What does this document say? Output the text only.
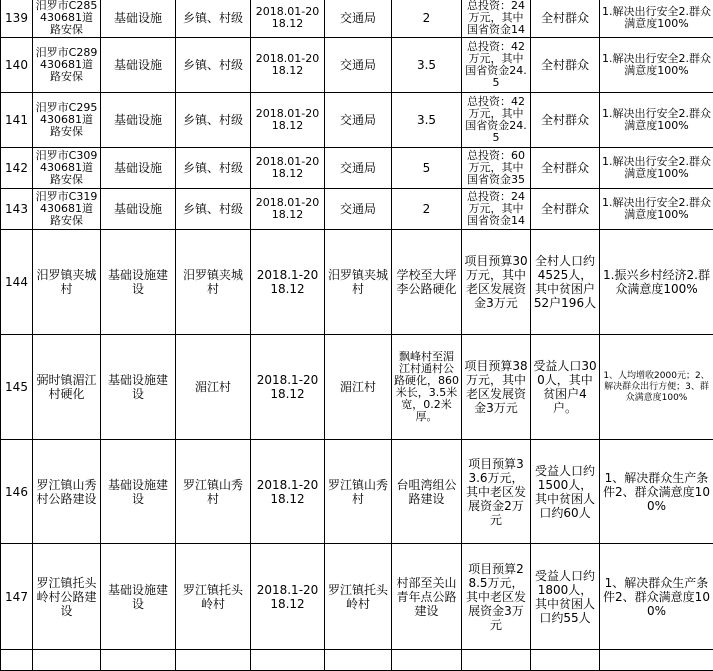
139	汨罗市C285430681道路安保	基础设施	乡镇、村级	2018.01-2018.12	交通局	2	总投资：24万元，其中国省资金14	全村群众	1.解决出行安全2.群众满意度100%
140	汨罗市C289430681道路安保	基础设施	乡镇、村级	2018.01-2018.12	交通局	3.5	总投资：42万元，其中国省资金24.5	全村群众	1.解决出行安全2.群众满意度100%
141	汨罗市C295430681道路安保	基础设施	乡镇、村级	2018.01-2018.12	交通局	3.5	总投资：42万元，其中国省资金24.5	全村群众	1.解决出行安全2.群众满意度100%
142	汨罗市C309430681道路安保	基础设施	乡镇、村级	2018.01-2018.12	交通局	5	总投资：60万元，其中国省资金35	全村群众	1.解决出行安全2.群众满意度100%
143	汨罗市C319430681道路安保	基础设施	乡镇、村级	2018.01-2018.12	交通局	2	总投资：24万元，其中国省资金14	全村群众	1.解决出行安全2.群众满意度100%
144	汨罗镇夹城村	基础设施建设	汨罗镇夹城村	2018.1-2018.12	汨罗镇夹城村	学校至大坪李公路硬化	项目预算30万元，其中老区发展资金3万元	全村人口约4525人，其中贫困户52户196人	1.振兴乡村经济2.群众满意度100%
145	弼时镇湄江村硬化	基础设施建设	湄江村	2018.1-2018.12	湄江村	飘峰村至湄江村通村公路硬化，860米长，3.5米宽，0.2米厚。	项目预算38万元，其中老区发展资金3万元	受益人口300人，其中贫困户4户。	1、人均增收2000元；2、解决群众出行方便；3、群众满意度100%
146	罗江镇山秀村公路建设	基础设施建设	罗江镇山秀村	2018.1-2018.12	罗江镇山秀村	台咀湾组公路建设	项目预算33.6万元，其中老区发展资金2万元	受益人口约1500人，其中贫困人口约60人	1、解决群众生产条件2、群众满意度100%
147	罗江镇托头岭村公路建设	基础设施建设	罗江镇托头岭村	2018.1-2018.12	罗江镇托头岭村	村部至关山青年点公路建设	项目预算28.5万元，其中老区发展资金3万元	受益人口约1800人，其中贫困人口约55人	1、解决群众生产条件2、群众满意度100%
